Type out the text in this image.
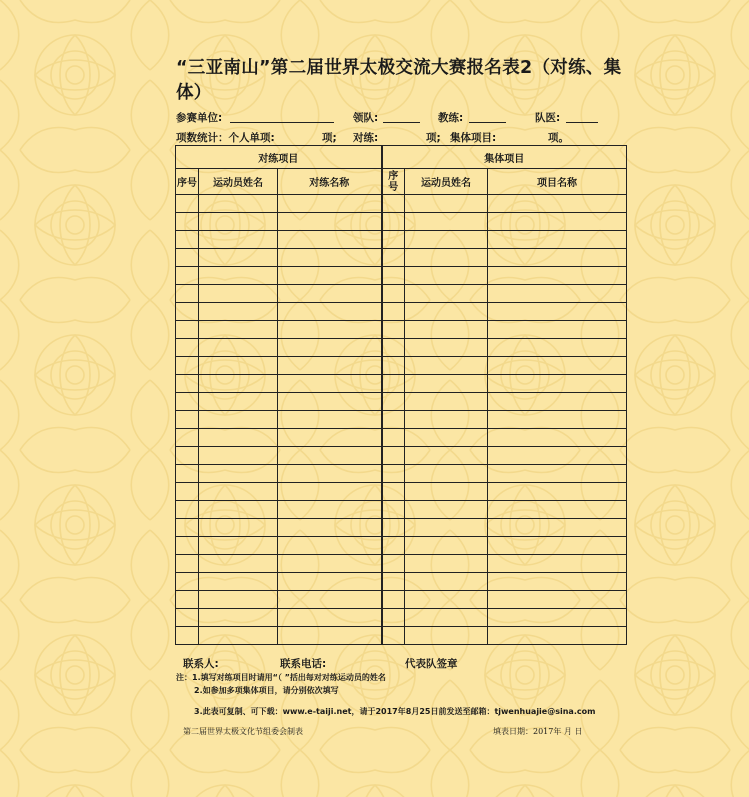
“三亚南山”第二届世界太极交流大赛报名表2（对练、集体）
参赛单位:	领队:	教练:	队医:
项数统计：个人单项:	项; 对练:	项; 集体项目:	项。
对练项目			集体项目		
序号	运动员姓名	对练名称	序号	运动员姓名	项目名称

联系人:	联系电话:	代表队签章
注：1.填写对练项目时请用“（ ”括出每对对练运动员的姓名
2.如参加多项集体项目，请分别依次填写
3.此表可复制、可下载：www.e-taiji.net，请于2017年8月25日前发送至邮箱：tjwenhuajie@sina.com
第二届世界太极文化节组委会制表	填表日期：2017年 月 日
